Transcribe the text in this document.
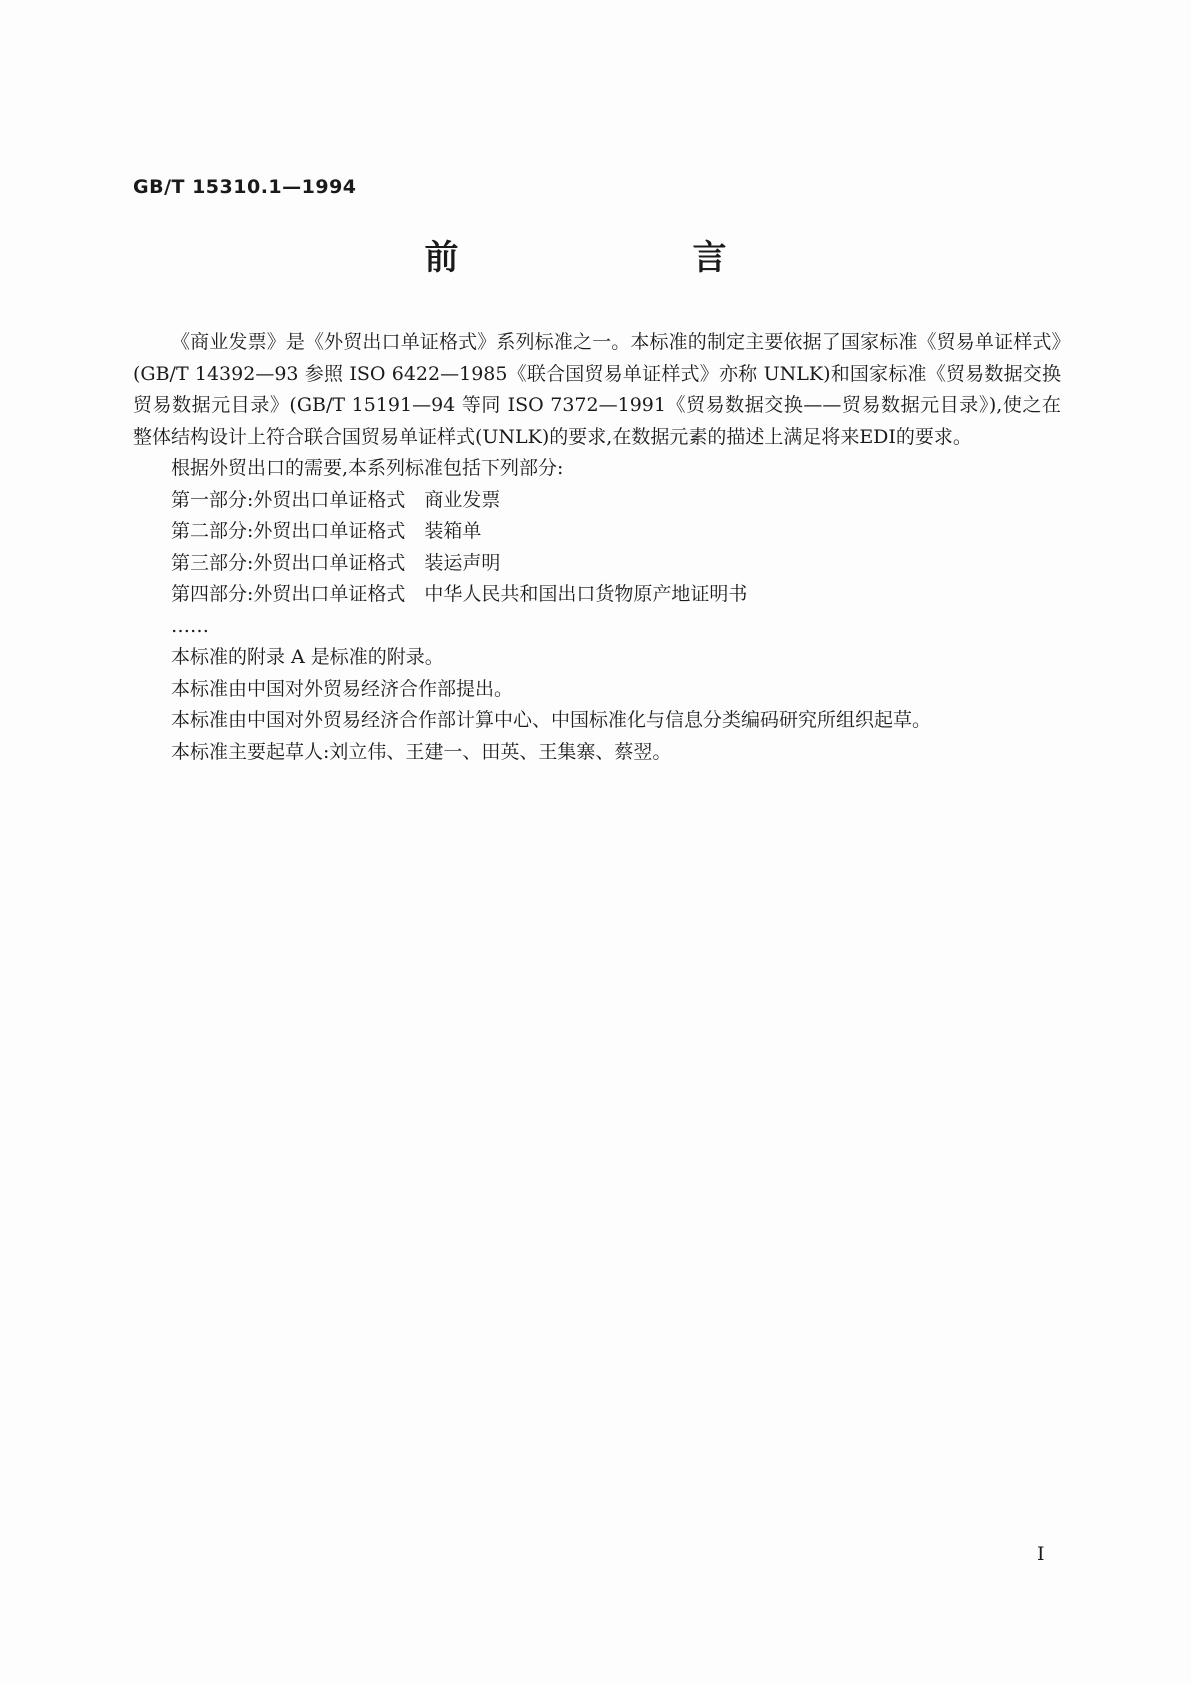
GB/T 15310.1—1994
前　言

《商业发票》是《外贸出口单证格式》系列标准之一。本标准的制定主要依据了国家标准《贸易单证样式》(GB/T 14392—93 参照 ISO 6422—1985《联合国贸易单证样式》亦称 UNLK)和国家标准《贸易数据交换　贸易数据元目录》(GB/T 15191—94 等同 ISO 7372—1991《贸易数据交换——贸易数据元目录》),使之在整体结构设计上符合联合国贸易单证样式(UNLK)的要求,在数据元素的描述上满足将来EDI的要求。

根据外贸出口的需要,本系列标准包括下列部分:

第一部分:外贸出口单证格式　商业发票

第二部分:外贸出口单证格式　装箱单

第三部分:外贸出口单证格式　装运声明

第四部分:外贸出口单证格式　中华人民共和国出口货物原产地证明书

……

本标准的附录 A 是标准的附录。

本标准由中国对外贸易经济合作部提出。

本标准由中国对外贸易经济合作部计算中心、中国标准化与信息分类编码研究所组织起草。

本标准主要起草人:刘立伟、王建一、田英、王集寨、蔡翌。

I
